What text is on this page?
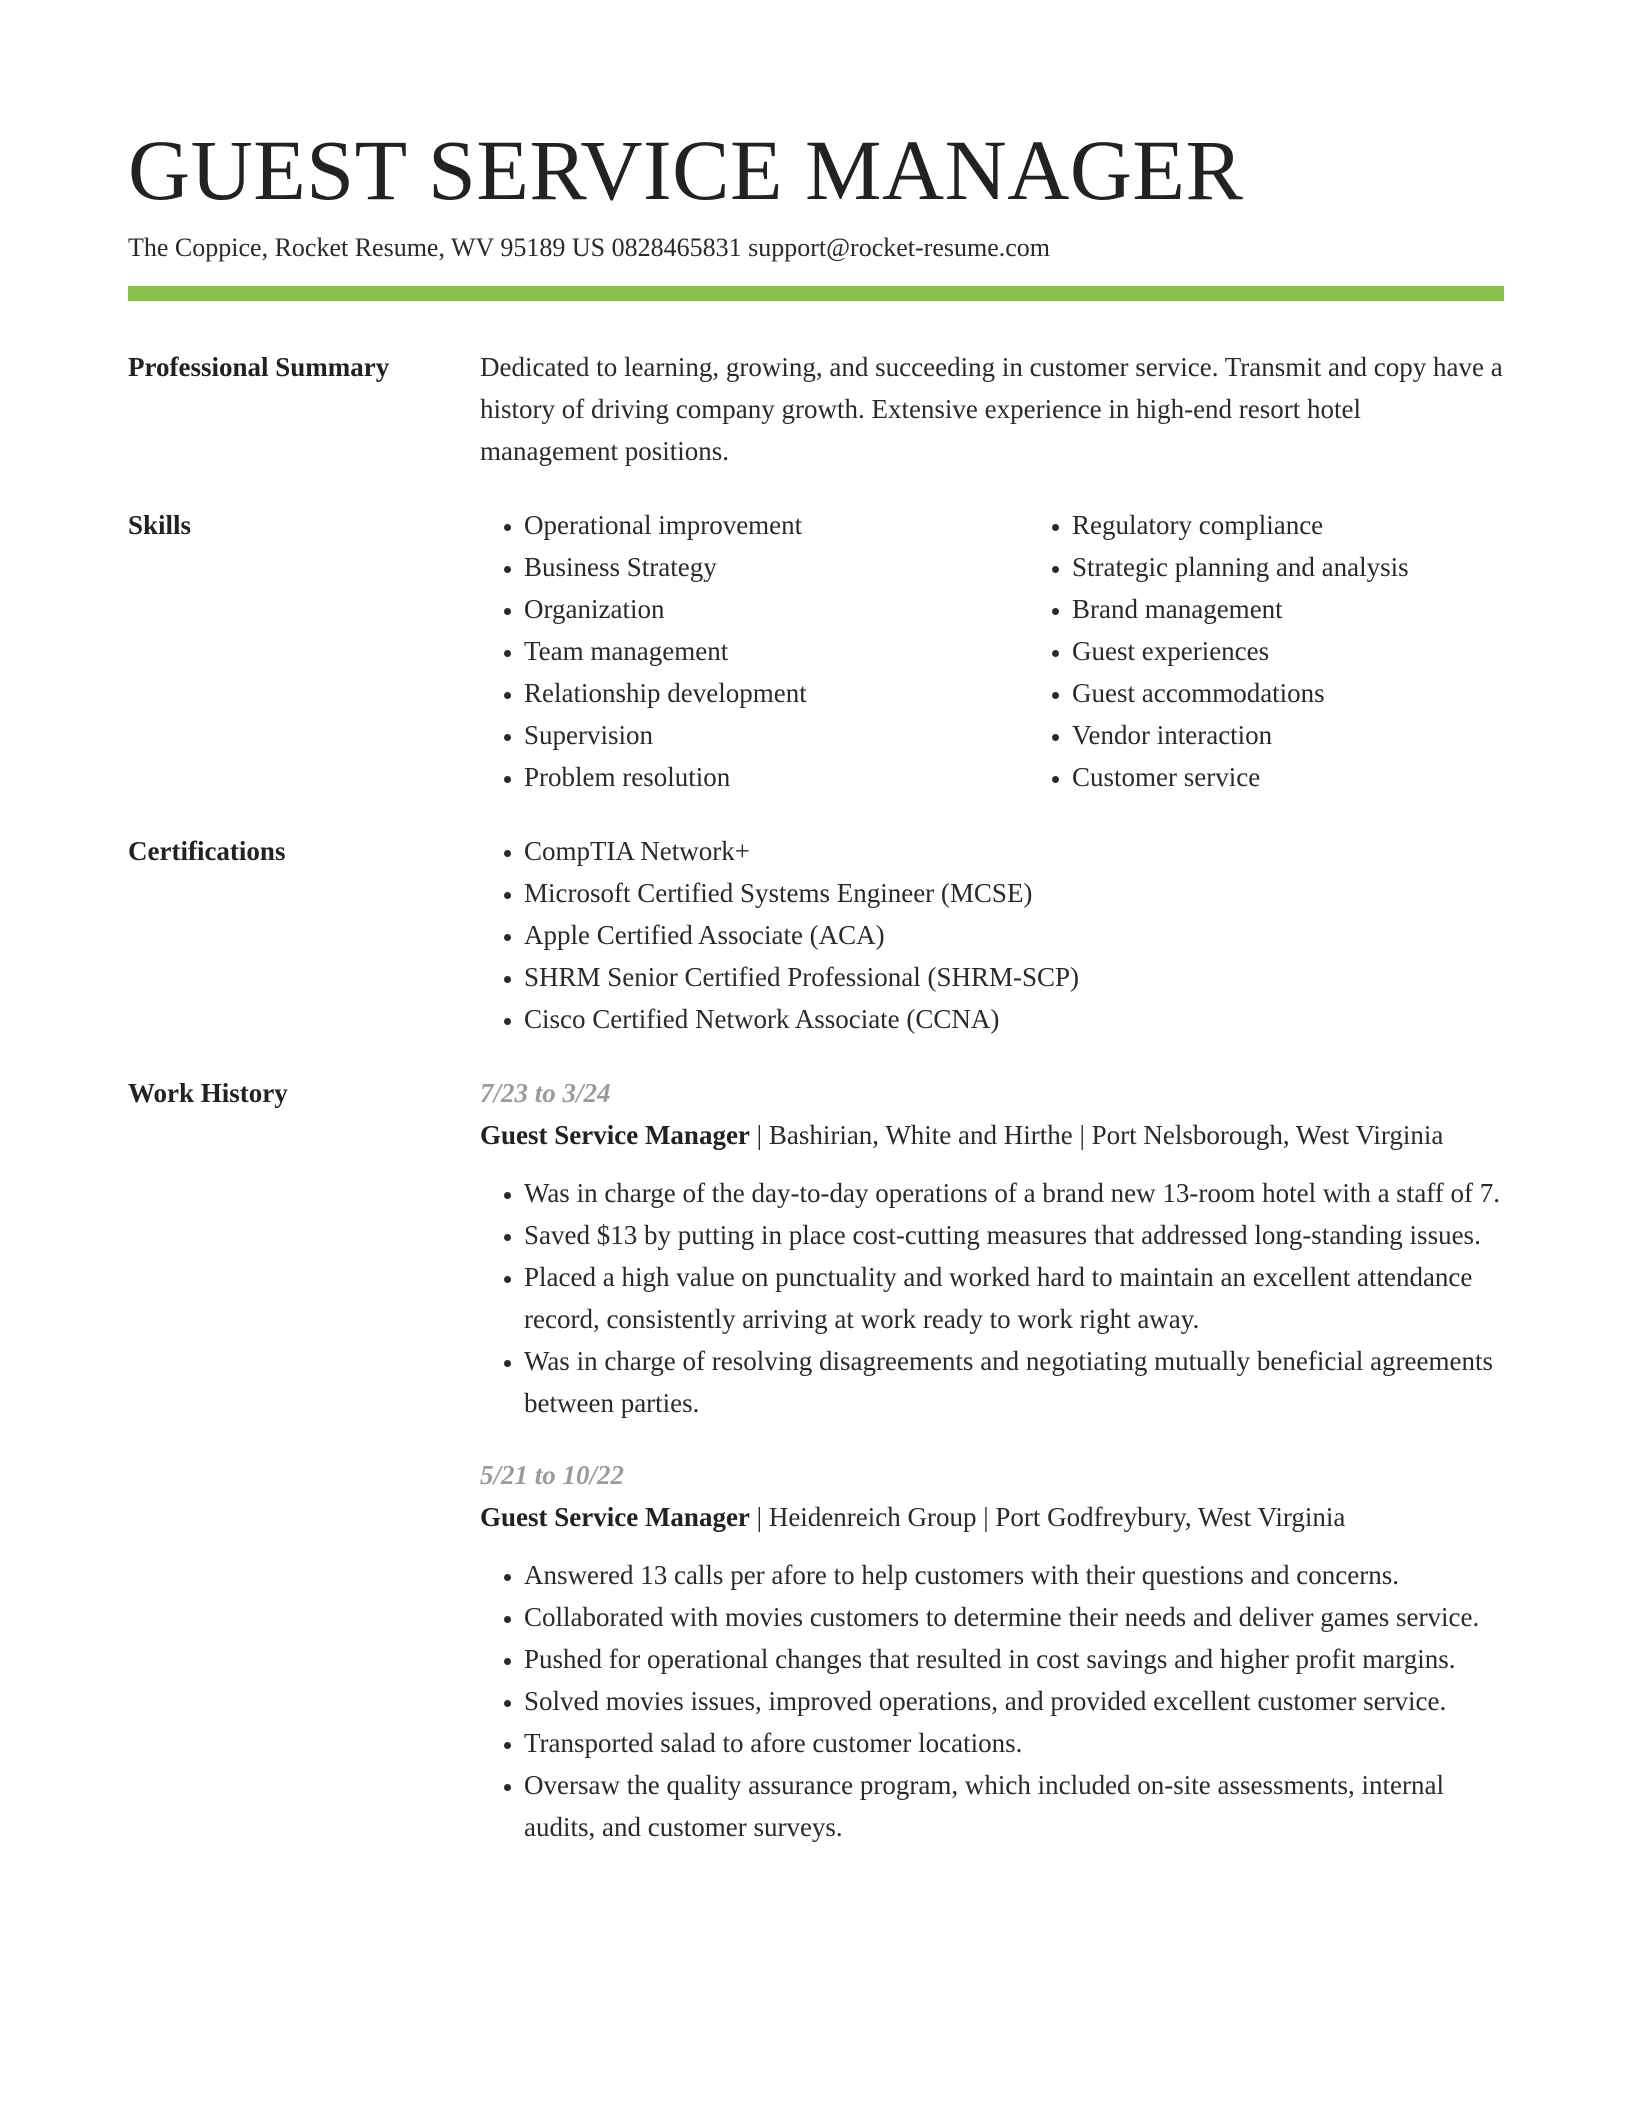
GUEST SERVICE MANAGER
The Coppice, Rocket Resume, WV 95189 US 0828465831 support@rocket-resume.com
Professional Summary	Dedicated to learning, growing, and succeeding in customer service. Transmit and copy have a history of driving company growth. Extensive experience in high-end resort hotel management positions.

Skills	• Operational improvement
• Business Strategy
• Organization
• Team management
• Relationship development
• Supervision
• Problem resolution
• Regulatory compliance
• Strategic planning and analysis
• Brand management
• Guest experiences
• Guest accommodations
• Vendor interaction
• Customer service
Certifications	• CompTIA Network+
• Microsoft Certified Systems Engineer (MCSE)
• Apple Certified Associate (ACA)
• SHRM Senior Certified Professional (SHRM-SCP)
• Cisco Certified Network Associate (CCNA)
Work History	7/23 to 3/24

Guest Service Manager | Bashirian, White and Hirthe | Port Nelsborough, West Virginia

• Was in charge of the day-to-day operations of a brand new 13-room hotel with a staff of 7.
• Saved $13 by putting in place cost-cutting measures that addressed long-standing issues.
• Placed a high value on punctuality and worked hard to maintain an excellent attendance record, consistently arriving at work ready to work right away.
• Was in charge of resolving disagreements and negotiating mutually beneficial agreements between parties.

5/21 to 10/22

Guest Service Manager | Heidenreich Group | Port Godfreybury, West Virginia

• Answered 13 calls per afore to help customers with their questions and concerns.
• Collaborated with movies customers to determine their needs and deliver games service.
• Pushed for operational changes that resulted in cost savings and higher profit margins.
• Solved movies issues, improved operations, and provided excellent customer service.
• Transported salad to afore customer locations.
• Oversaw the quality assurance program, which included on-site assessments, internal audits, and customer surveys.
